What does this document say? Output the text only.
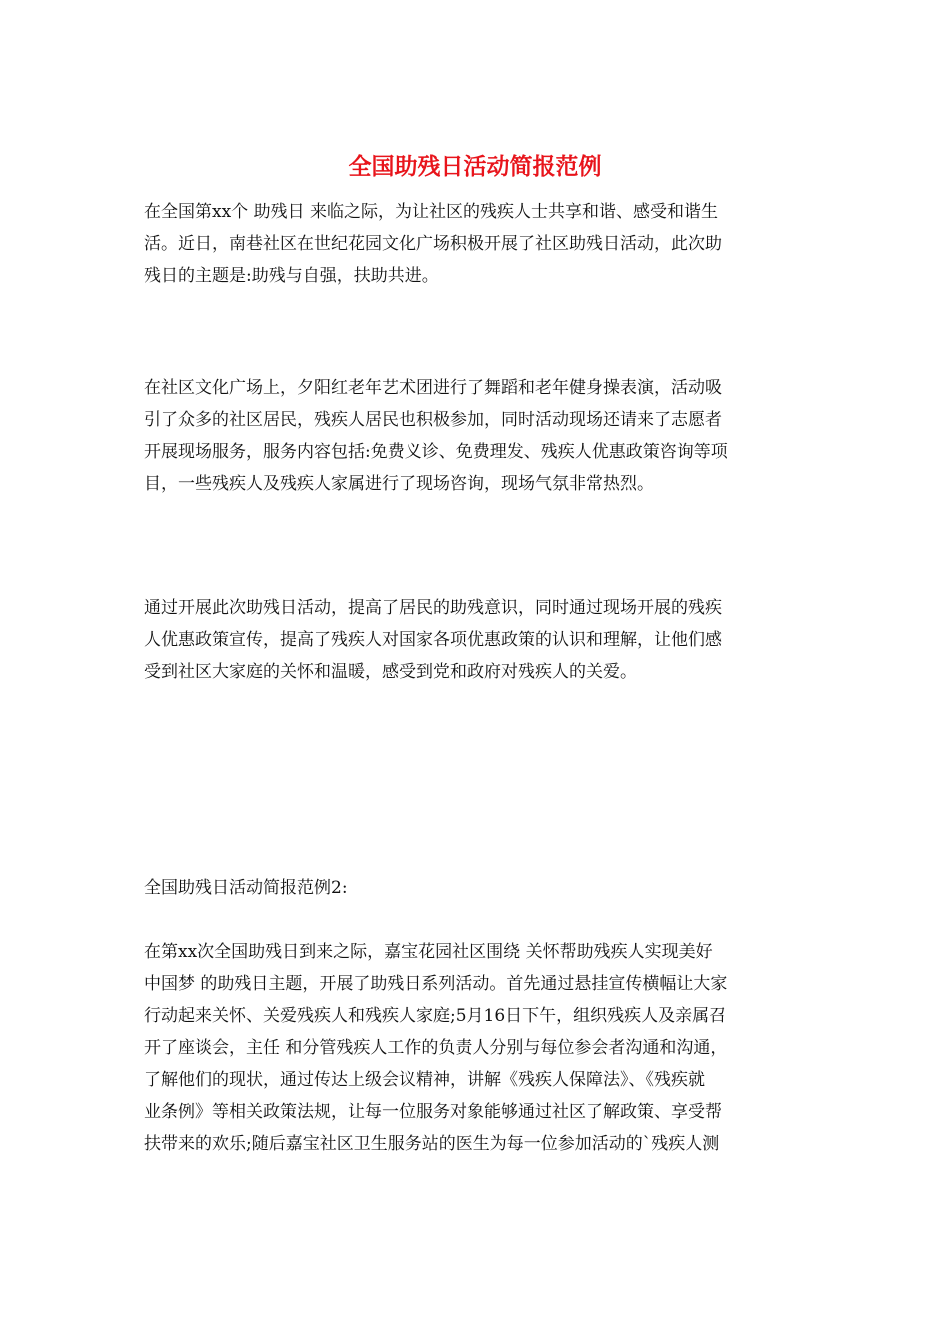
全国助残日活动简报范例
在全国第xx个 助残日 来临之际，为让社区的残疾人士共享和谐、感受和谐生
活。近日，南巷社区在世纪花园文化广场积极开展了社区助残日活动，此次助
残日的主题是:助残与自强，扶助共进。
在社区文化广场上，夕阳红老年艺术团进行了舞蹈和老年健身操表演，活动吸
引了众多的社区居民，残疾人居民也积极参加，同时活动现场还请来了志愿者
开展现场服务，服务内容包括:免费义诊、免费理发、残疾人优惠政策咨询等项
目，一些残疾人及残疾人家属进行了现场咨询，现场气氛非常热烈。
通过开展此次助残日活动，提高了居民的助残意识，同时通过现场开展的残疾
人优惠政策宣传，提高了残疾人对国家各项优惠政策的认识和理解，让他们感
受到社区大家庭的关怀和温暖，感受到党和政府对残疾人的关爱。
全国助残日活动简报范例2:
在第xx次全国助残日到来之际，嘉宝花园社区围绕 关怀帮助残疾人实现美好
中国梦 的助残日主题，开展了助残日系列活动。首先通过悬挂宣传横幅让大家
行动起来关怀、关爱残疾人和残疾人家庭;5月16日下午，组织残疾人及亲属召
开了座谈会，主任 和分管残疾人工作的负责人分别与每位参会者沟通和沟通，
了解他们的现状，通过传达上级会议精神，讲解《残疾人保障法》、《残疾就
业条例》等相关政策法规，让每一位服务对象能够通过社区了解政策、享受帮
扶带来的欢乐;随后嘉宝社区卫生服务站的医生为每一位参加活动的`残疾人测
